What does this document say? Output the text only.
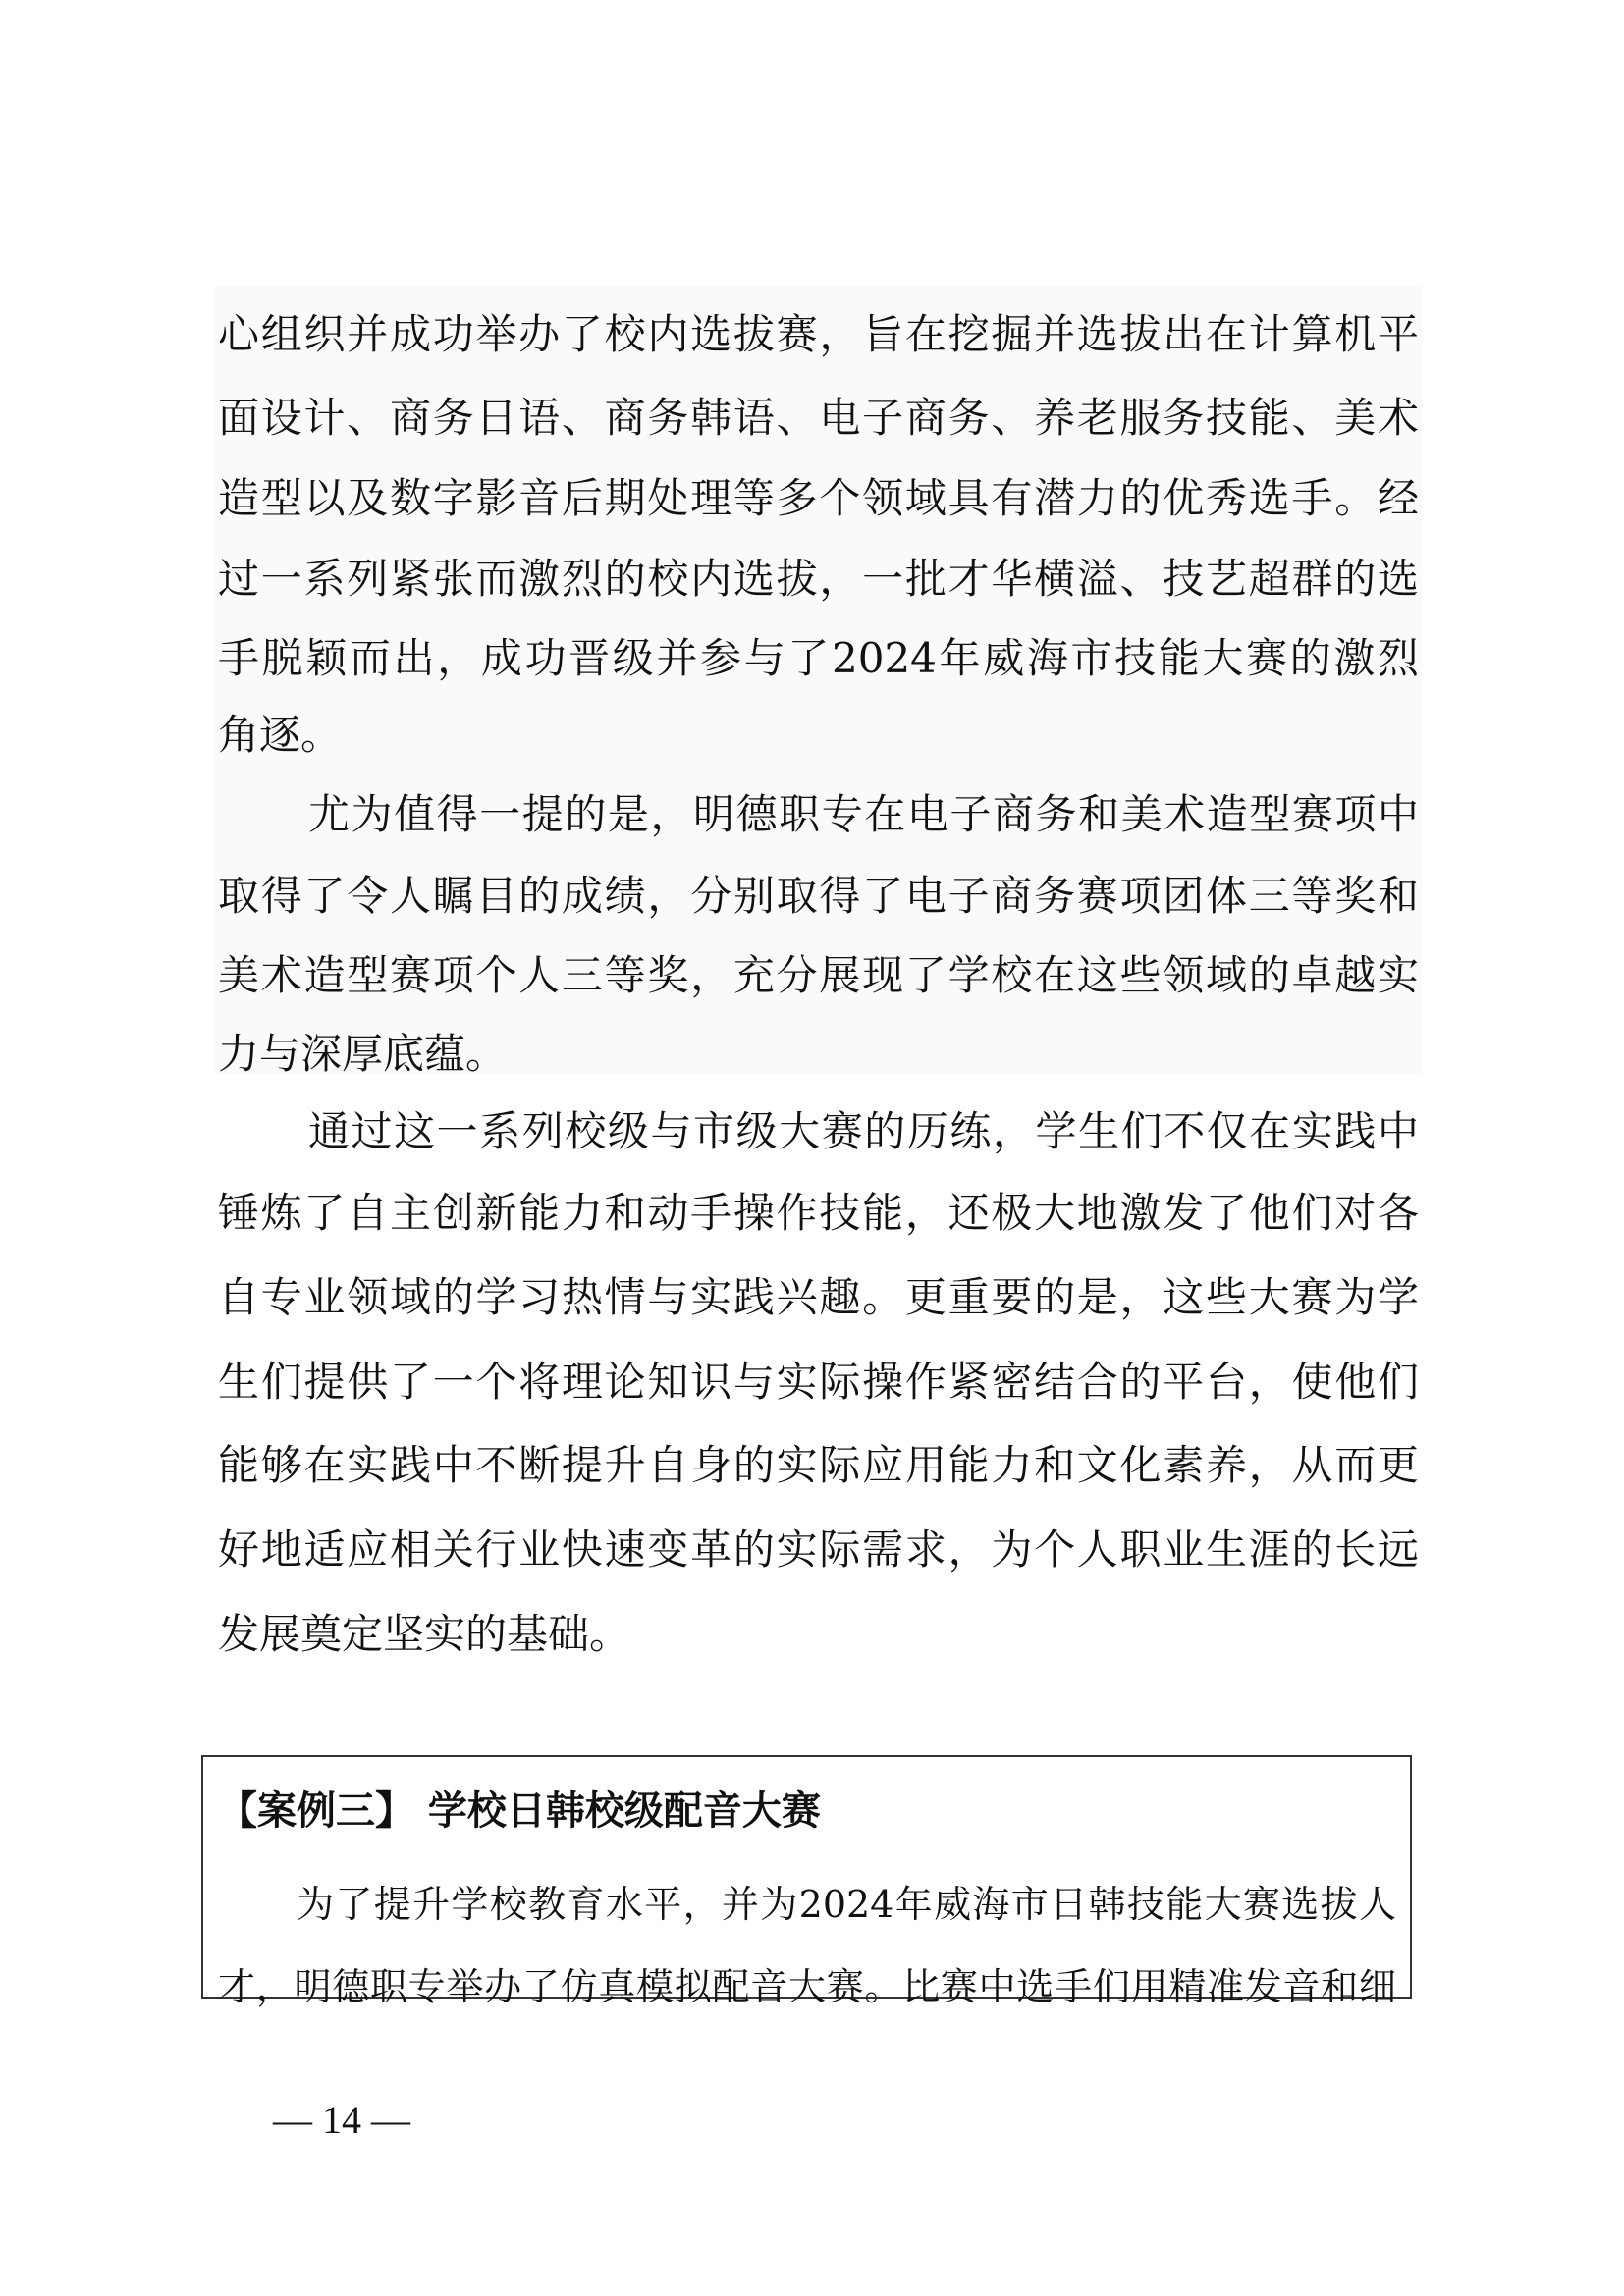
心组织并成功举办了校内选拔赛，旨在挖掘并选拔出在计算机平
面设计、商务日语、商务韩语、电子商务、养老服务技能、美术
造型以及数字影音后期处理等多个领域具有潜力的优秀选手。经
过一系列紧张而激烈的校内选拔，一批才华横溢、技艺超群的选
手脱颖而出，成功晋级并参与了2024年威海市技能大赛的激烈
角逐。
尤为值得一提的是，明德职专在电子商务和美术造型赛项中
取得了令人瞩目的成绩，分别取得了电子商务赛项团体三等奖和
美术造型赛项个人三等奖，充分展现了学校在这些领域的卓越实
力与深厚底蕴。
通过这一系列校级与市级大赛的历练，学生们不仅在实践中
锤炼了自主创新能力和动手操作技能，还极大地激发了他们对各
自专业领域的学习热情与实践兴趣。更重要的是，这些大赛为学
生们提供了一个将理论知识与实际操作紧密结合的平台，使他们
能够在实践中不断提升自身的实际应用能力和文化素养，从而更
好地适应相关行业快速变革的实际需求，为个人职业生涯的长远
发展奠定坚实的基础。
【案例三】 学校日韩校级配音大赛
为了提升学校教育水平，并为2024年威海市日韩技能大赛选拔人
才，明德职专举办了仿真模拟配音大赛。比赛中选手们用精准发音和细
— 14 —
